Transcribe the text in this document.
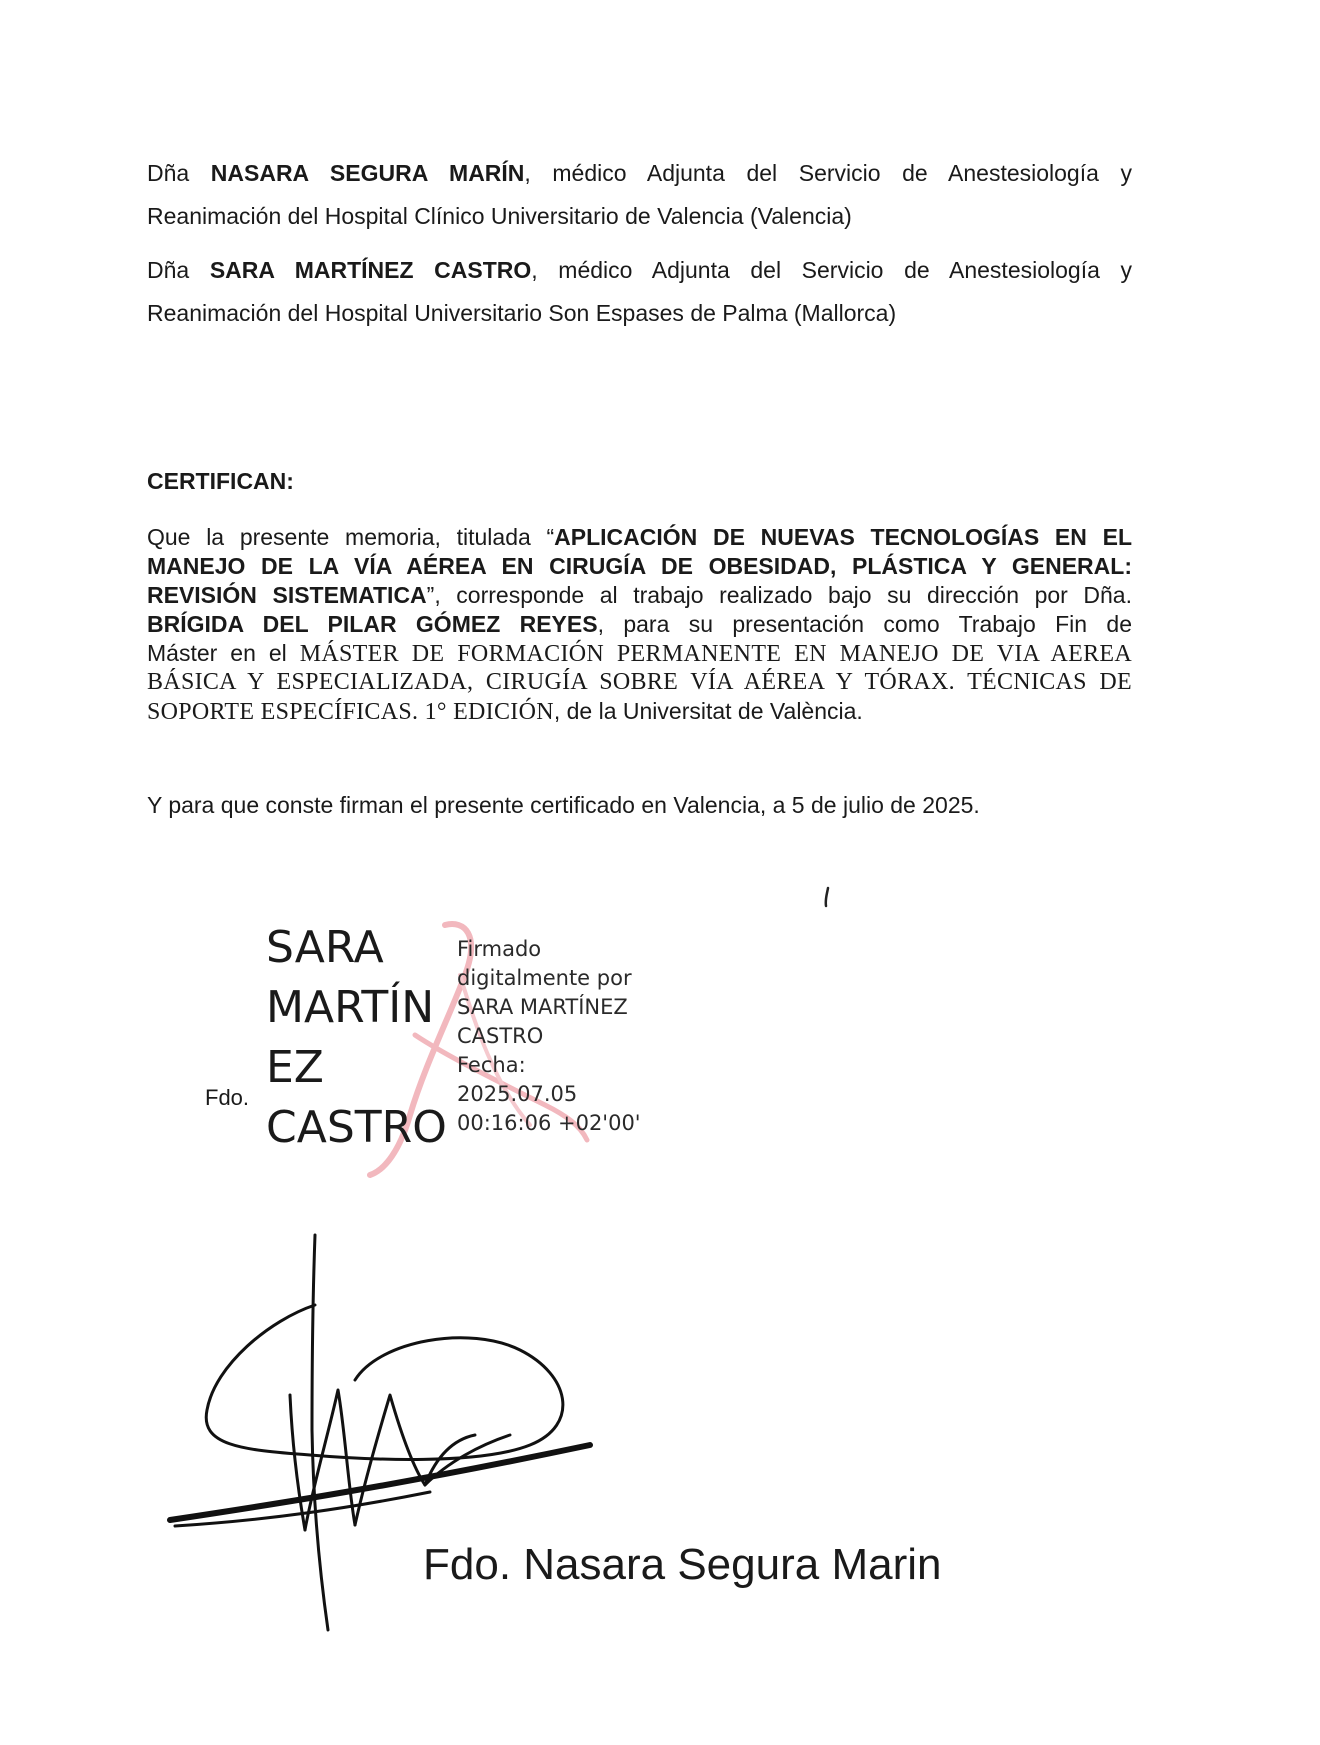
Dña NASARA SEGURA MARÍN, médico Adjunta del Servicio de Anestesiología y
Reanimación del Hospital Clínico Universitario de Valencia (Valencia)
Dña SARA MARTÍNEZ CASTRO, médico Adjunta del Servicio de Anestesiología y
Reanimación del Hospital Universitario Son Espases de Palma (Mallorca)
CERTIFICAN:
Que la presente memoria, titulada “APLICACIÓN DE NUEVAS TECNOLOGÍAS EN EL
MANEJO DE LA VÍA AÉREA EN CIRUGÍA DE OBESIDAD, PLÁSTICA Y GENERAL:
REVISIÓN SISTEMATICA”, corresponde al trabajo realizado bajo su dirección por Dña.
BRÍGIDA DEL PILAR GÓMEZ REYES, para su presentación como Trabajo Fin de
Máster en el MÁSTER DE FORMACIÓN PERMANENTE EN MANEJO DE VIA AEREA
BÁSICA Y ESPECIALIZADA, CIRUGÍA SOBRE VÍA AÉREA Y TÓRAX. TÉCNICAS DE
SOPORTE ESPECÍFICAS. 1° EDICIÓN, de la Universitat de València.
Y para que conste firman el presente certificado en Valencia, a 5 de julio de 2025.
Fdo.
SARA
MARTÍN
EZ
CASTRO
Firmado
digitalmente por
SARA MARTÍNEZ
CASTRO
Fecha:
2025.07.05
00:16:06 +02'00'
Fdo. Nasara Segura Marin
